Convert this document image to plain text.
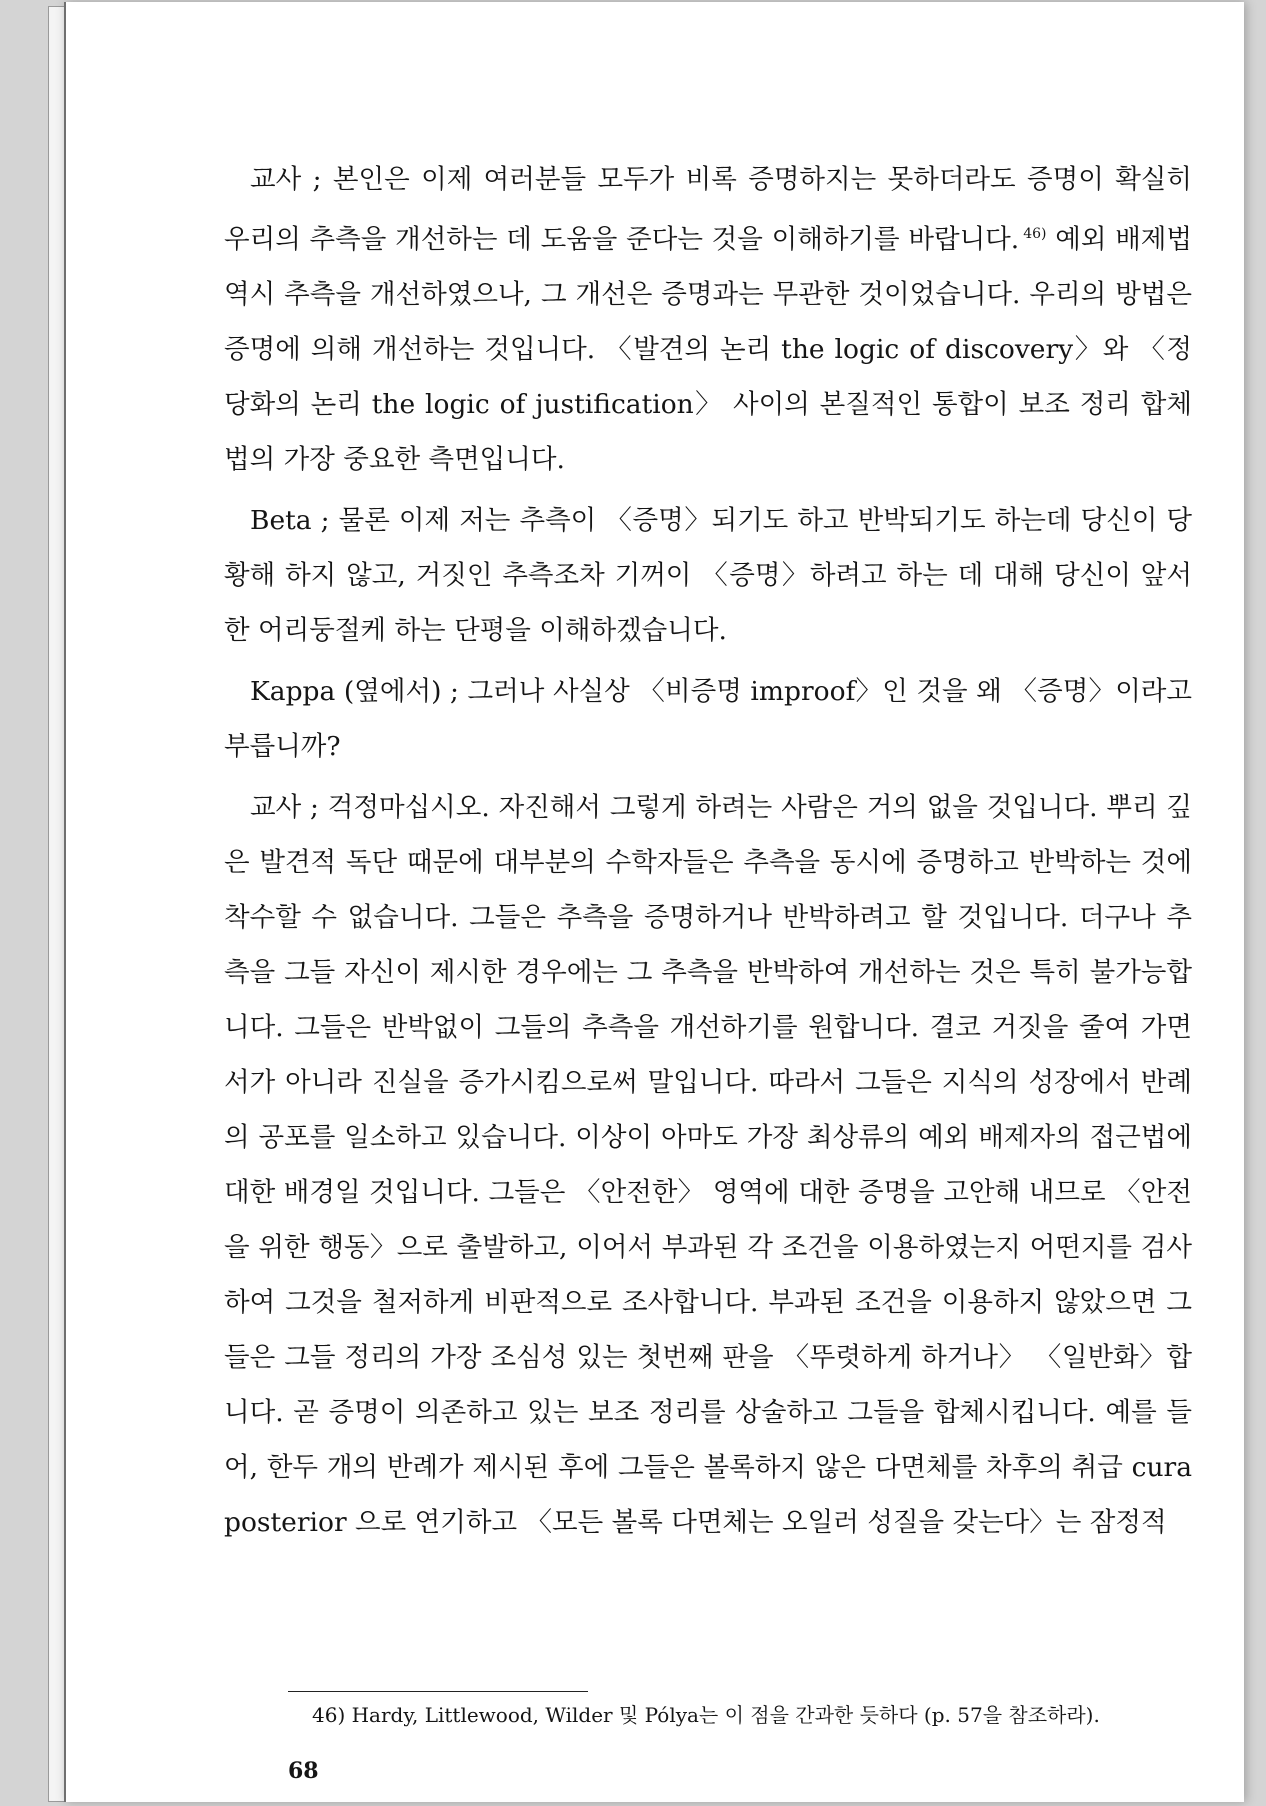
교사 ; 본인은 이제 여러분들 모두가 비록 증명하지는 못하더라도 증명이 확실히 우리의 추측을 개선하는 데 도움을 준다는 것을 이해하기를 바랍니다. $^{46)}$ 예외 배제법 역시 추측을 개선하였으나, 그 개선은 증명과는 무관한 것이었습니다. 우리의 방법은 증명에 의해 개선하는 것입니다. 〈발견의 논리 the logic of discovery〉와 〈정당화의 논리 the logic of justification〉 사이의 본질적인 통합이 보조 정리 합체법의 가장 중요한 측면입니다.

Beta ; 물론 이제 저는 추측이 〈증명〉되기도 하고 반박되기도 하는데 당신이 당황해 하지 않고, 거짓인 추측조차 기꺼이 〈증명〉하려고 하는 데 대해 당신이 앞서 한 어리둥절케 하는 단평을 이해하겠습니다.

Kappa (옆에서) ; 그러나 사실상 〈비증명 improof〉인 것을 왜 〈증명〉이라고 부릅니까?

교사 ; 걱정마십시오. 자진해서 그렇게 하려는 사람은 거의 없을 것입니다. 뿌리 깊은 발견적 독단 때문에 대부분의 수학자들은 추측을 동시에 증명하고 반박하는 것에 착수할 수 없습니다. 그들은 추측을 증명하거나 반박하려고 할 것입니다. 더구나 추측을 그들 자신이 제시한 경우에는 그 추측을 반박하여 개선하는 것은 특히 불가능합니다. 그들은 반박없이 그들의 추측을 개선하기를 원합니다. 결코 거짓을 줄여 가면서가 아니라 진실을 증가시킴으로써 말입니다. 따라서 그들은 지식의 성장에서 반례의 공포를 일소하고 있습니다. 이상이 아마도 가장 최상류의 예외 배제자의 접근법에 대한 배경일 것입니다. 그들은 〈안전한〉 영역에 대한 증명을 고안해 내므로 〈안전을 위한 행동〉으로 출발하고, 이어서 부과된 각 조건을 이용하였는지 어떤지를 검사하여 그것을 철저하게 비판적으로 조사합니다. 부과된 조건을 이용하지 않았으면 그들은 그들 정리의 가장 조심성 있는 첫번째 판을 〈뚜렷하게 하거나〉 〈일반화〉합니다. 곧 증명이 의존하고 있는 보조 정리를 상술하고 그들을 합체시킵니다. 예를 들어, 한두 개의 반례가 제시된 후에 그들은 볼록하지 않은 다면체를 차후의 취급 cura posterior 으로 연기하고 〈모든 볼록 다면체는 오일러 성질을 갖는다〉는 잠정적

46) Hardy, Littlewood, Wilder 및 Pólya는 이 점을 간과한 듯하다 (p. 57을 참조하라).
68
